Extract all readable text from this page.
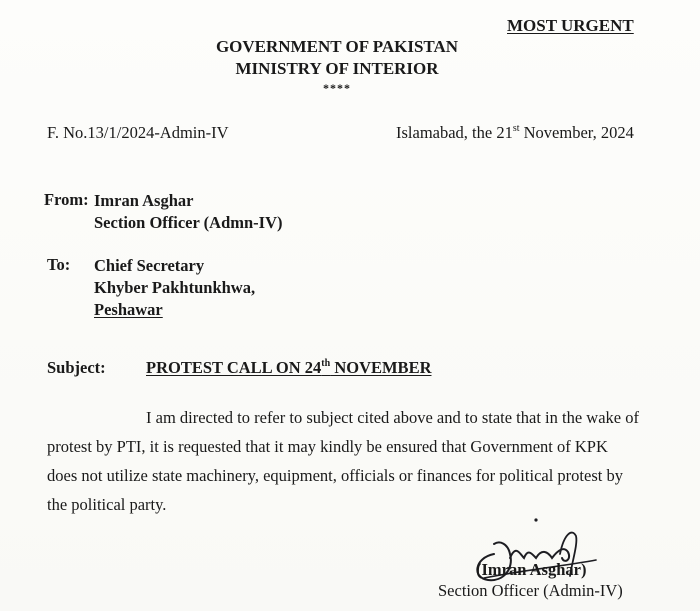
MOST URGENT
GOVERNMENT OF PAKISTAN
MINISTRY OF INTERIOR
****
F. No.13/1/2024-Admin-IV	Islamabad, the 21st November, 2024
From: Imran Asghar
Section Officer (Admn-IV)
To: Chief Secretary
Khyber Pakhtunkhwa,
Peshawar
Subject: PROTEST CALL ON 24th NOVEMBER
I am directed to refer to subject cited above and to state that in the wake of
protest by PTI, it is requested that it may kindly be ensured that Government of KPK
does not utilize state machinery, equipment, officials or finances for political protest by
the political party.
(Imran Asghar)
Section Officer (Admin-IV)
